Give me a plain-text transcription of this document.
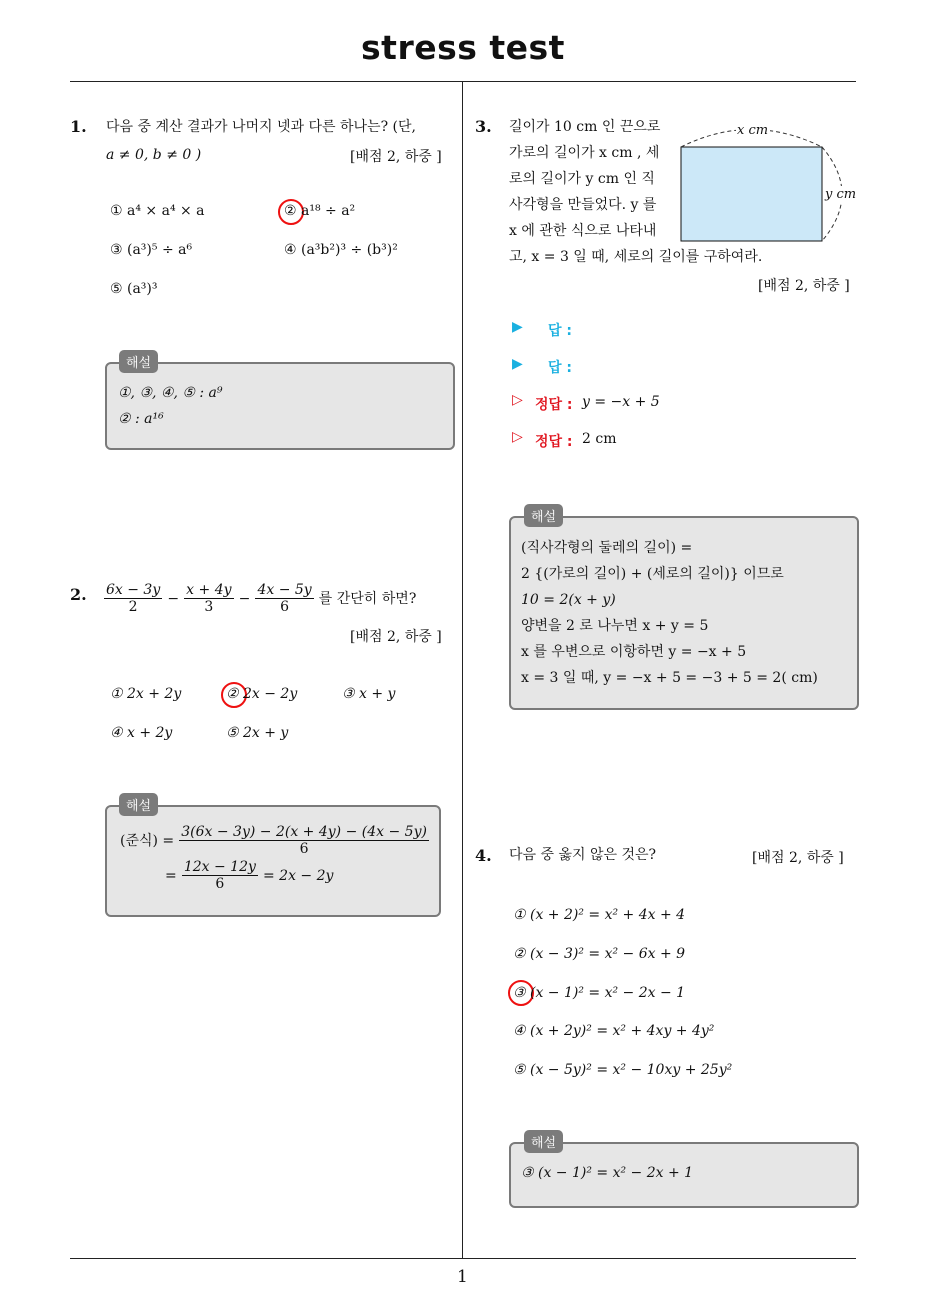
stress test
1. 다음 중 계산 결과가 나머지 넷과 다른 하나는? (단,
a ≠ 0, b ≠ 0 )	[배점 2, 하중 ]
① a⁴ × a⁴ × a	② a¹⁸ ÷ a²
③ (a³)⁵ ÷ a⁶	④ (a³b²)³ ÷ (b³)²
⑤ (a³)³
해설
①, ③, ④, ⑤ : a⁹
② : a¹⁶
2. $\frac{6x - 3y}{2} - \frac{x + 4y}{3} - \frac{4x - 5y}{6}$ 를 간단히 하면?
[배점 2, 하중 ]
① 2x + 2y	② 2x − 2y	③ x + y
④ x + 2y	⑤ 2x + y
해설
(준식) = $\frac{3(6x - 3y) - 2(x + 4y) - (4x - 5y)}{6}$
= $\frac{12x - 12y}{6} = 2x - 2y$
3. 길이가 10 cm 인 끈으로
가로의 길이가 x cm , 세
로의 길이가 y cm 인 직
사각형을 만들었다. y 를
x 에 관한 식으로 나타내
고, x = 3 일 때, 세로의 길이를 구하여라.
[배점 2, 하중 ]
x cm
y cm
▶ 답 :
▶ 답 :
▷ 정답 : y = −x + 5
▷ 정답 : 2 cm
해설
(직사각형의 둘레의 길이) =
2 {(가로의 길이) + (세로의 길이)} 이므로
10 = 2(x + y)
양변을 2 로 나누면 x + y = 5
x 를 우변으로 이항하면 y = −x + 5
x = 3 일 때, y = −x + 5 = −3 + 5 = 2( cm)
4. 다음 중 옳지 않은 것은?	[배점 2, 하중 ]
① (x + 2)² = x² + 4x + 4
② (x − 3)² = x² − 6x + 9
③ (x − 1)² = x² − 2x − 1
④ (x + 2y)² = x² + 4xy + 4y²
⑤ (x − 5y)² = x² − 10xy + 25y²
해설
③ (x − 1)² = x² − 2x + 1
1
